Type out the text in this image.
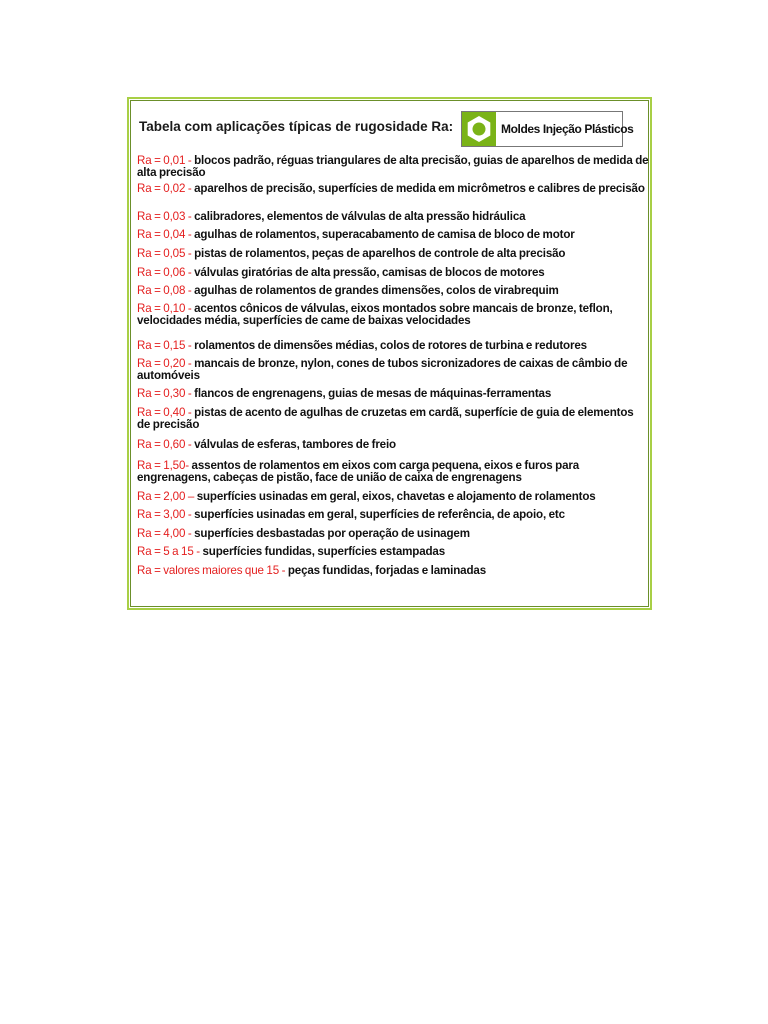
Tabela com aplicações típicas de rugosidade Ra:	Moldes Injeção Plásticos
Ra = 0,01 - blocos padrão, réguas triangulares de alta precisão, guias de aparelhos de medida de alta precisão
Ra = 0,02 - aparelhos de precisão, superfícies de medida em micrômetros e calibres de precisão
Ra = 0,03 - calibradores, elementos de válvulas de alta pressão hidráulica
Ra = 0,04 - agulhas de rolamentos, superacabamento de camisa de bloco de motor
Ra = 0,05 - pistas de rolamentos, peças de aparelhos de controle de alta precisão
Ra = 0,06 - válvulas giratórias de alta pressão, camisas de blocos de motores
Ra = 0,08 - agulhas de rolamentos de grandes dimensões, colos de virabrequim
Ra = 0,10 - acentos cônicos de válvulas, eixos montados sobre mancais de bronze, teflon, velocidades média, superfícies de came de baixas velocidades
Ra = 0,15 - rolamentos de dimensões médias, colos de rotores de turbina e redutores
Ra = 0,20 - mancais de bronze, nylon, cones de tubos sicronizadores de caixas de câmbio de automóveis
Ra = 0,30 - flancos de engrenagens, guias de mesas de máquinas-ferramentas
Ra = 0,40 - pistas de acento de agulhas de cruzetas em cardã, superfície de guia de elementos de precisão
Ra = 0,60 - válvulas de esferas, tambores de freio
Ra = 1,50- assentos de rolamentos em eixos com carga pequena, eixos e furos para engrenagens, cabeças de pistão, face de união de caixa de engrenagens
Ra = 2,00 – superfícies usinadas em geral, eixos, chavetas e alojamento de rolamentos
Ra = 3,00 - superfícies usinadas em geral, superfícies de referência, de apoio, etc
Ra = 4,00 - superfícies desbastadas por operação de usinagem
Ra = 5 a 15 - superfícies fundidas, superfícies estampadas
Ra = valores maiores que 15 - peças fundidas, forjadas e laminadas
